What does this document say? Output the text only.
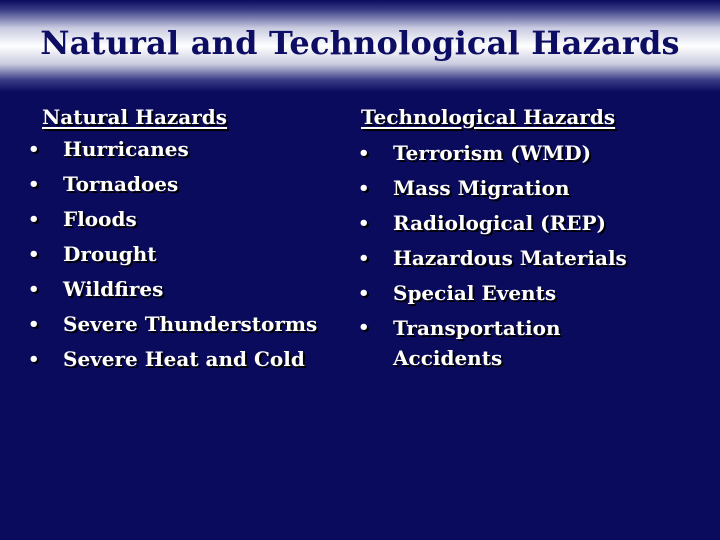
Natural and Technological Hazards
Natural Hazards
• Hurricanes
• Tornadoes
• Floods
• Drought
• Wildfires
• Severe Thunderstorms
• Severe Heat and Cold
Technological Hazards
• Terrorism (WMD)
• Mass Migration
• Radiological (REP)
• Hazardous Materials
• Special Events
• Transportation Accidents
